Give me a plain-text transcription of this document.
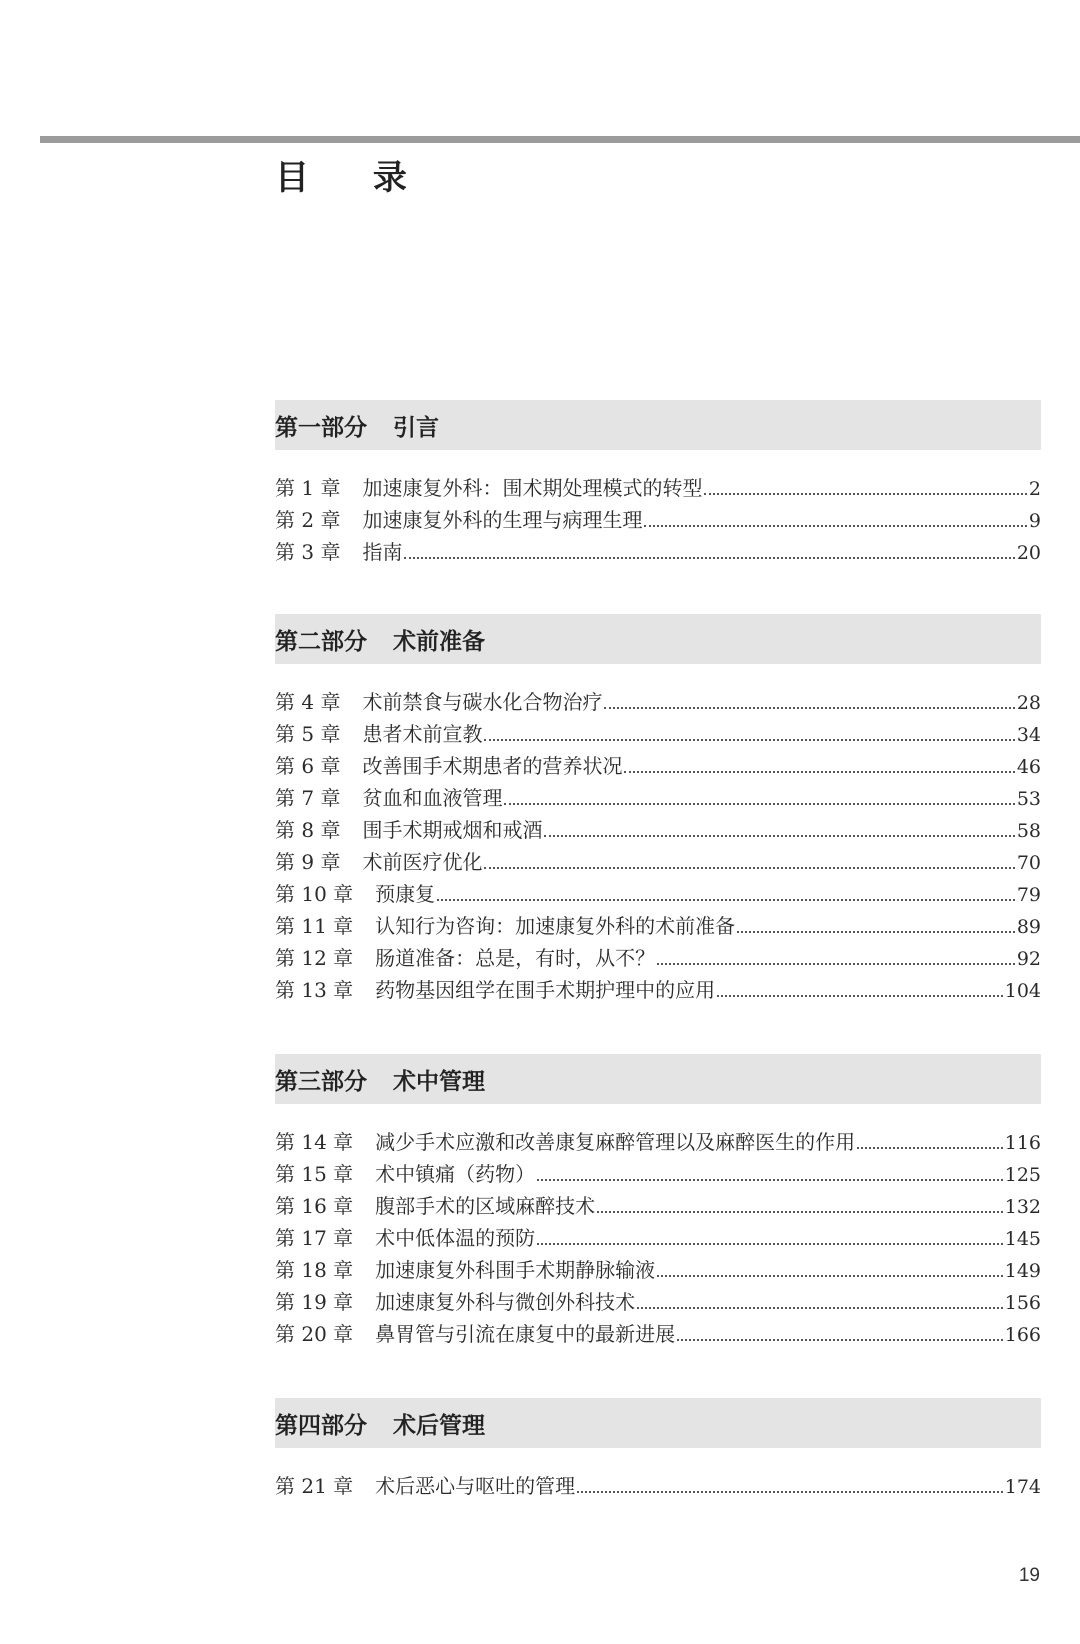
目 录
第一部分 引言
第 1 章 加速康复外科：围术期处理模式的转型	2
第 2 章 加速康复外科的生理与病理生理	9
第 3 章 指南	20
第二部分 术前准备
第 4 章 术前禁食与碳水化合物治疗	28
第 5 章 患者术前宣教	34
第 6 章 改善围手术期患者的营养状况	46
第 7 章 贫血和血液管理	53
第 8 章 围手术期戒烟和戒酒	58
第 9 章 术前医疗优化	70
第 10 章 预康复	79
第 11 章 认知行为咨询：加速康复外科的术前准备	89
第 12 章 肠道准备：总是，有时，从不？	92
第 13 章 药物基因组学在围手术期护理中的应用	104
第三部分 术中管理
第 14 章 减少手术应激和改善康复麻醉管理以及麻醉医生的作用	116
第 15 章 术中镇痛（药物）	125
第 16 章 腹部手术的区域麻醉技术	132
第 17 章 术中低体温的预防	145
第 18 章 加速康复外科围手术期静脉输液	149
第 19 章 加速康复外科与微创外科技术	156
第 20 章 鼻胃管与引流在康复中的最新进展	166
第四部分 术后管理
第 21 章 术后恶心与呕吐的管理	174
19
